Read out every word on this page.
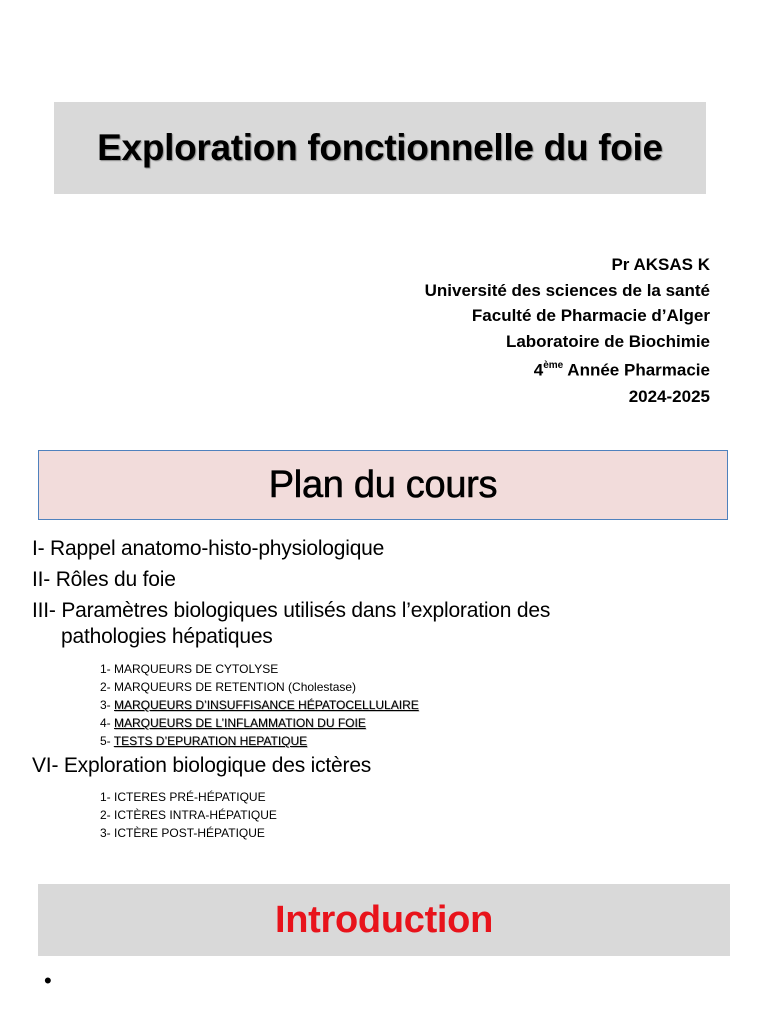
Exploration fonctionnelle du foie
Pr AKSAS K
Université des sciences de la santé
Faculté de Pharmacie d’Alger
Laboratoire de Biochimie
4ème Année Pharmacie
2024-2025
Plan du cours
I- Rappel anatomo-histo-physiologique
II- Rôles du foie
III- Paramètres biologiques utilisés dans l’exploration des
pathologies hépatiques
1- MARQUEURS DE CYTOLYSE
2- MARQUEURS DE RETENTION (Cholestase)
3- MARQUEURS D’INSUFFISANCE HÉPATOCELLULAIRE
4- MARQUEURS DE L’INFLAMMATION DU FOIE
5- TESTS D’EPURATION HEPATIQUE
VI- Exploration biologique des ictères
1- ICTERES PRÉ-HÉPATIQUE
2- ICTÈRES INTRA-HÉPATIQUE
3- ICTÈRE POST-HÉPATIQUE
Introduction
•
